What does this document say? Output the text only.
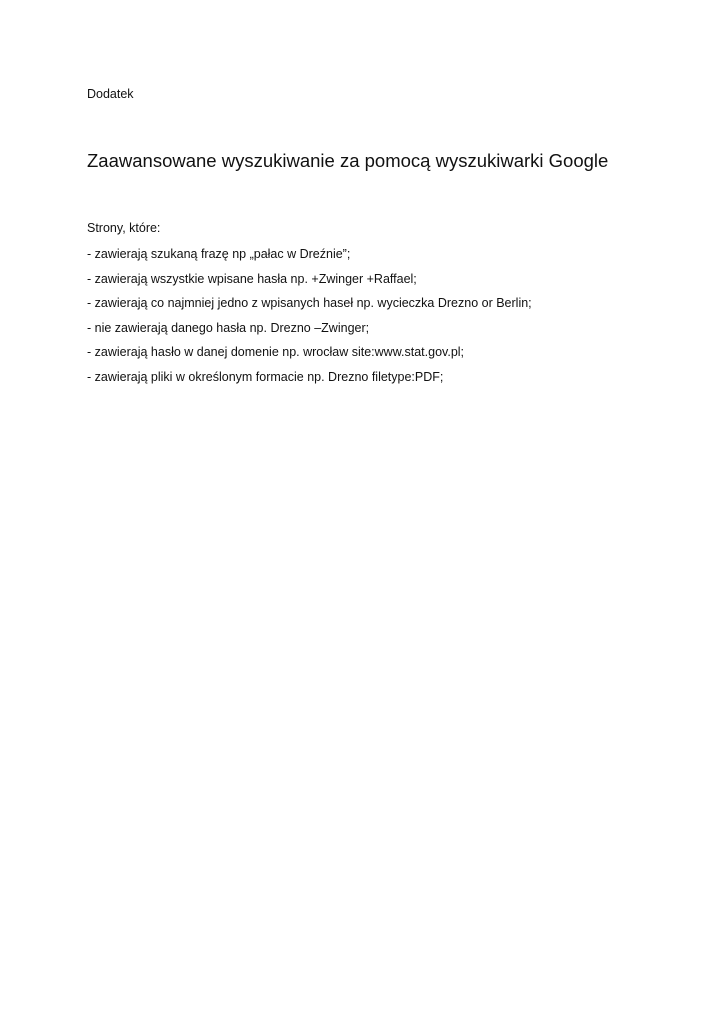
Dodatek
Zaawansowane wyszukiwanie za pomocą wyszukiwarki Google
Strony, które:
- zawierają szukaną frazę np „pałac w Dreźnie”;
- zawierają wszystkie wpisane hasła np. +Zwinger +Raffael;
- zawierają co najmniej jedno z wpisanych haseł np. wycieczka Drezno or Berlin;
- nie zawierają danego hasła np. Drezno –Zwinger;
- zawierają hasło w danej domenie np. wrocław site:www.stat.gov.pl;
- zawierają pliki w określonym formacie np. Drezno filetype:PDF;
